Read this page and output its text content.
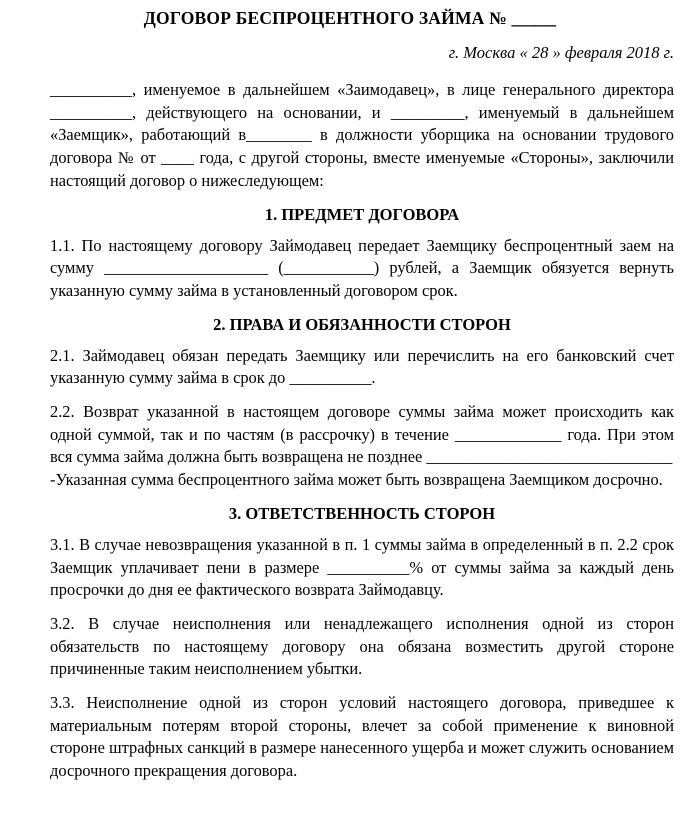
ДОГОВОР БЕСПРОЦЕНТНОГО ЗАЙМА № _____
г. Москва « 28 » февраля 2018 г.

__________, именуемое в дальнейшем «Заимодавец», в лице генерального директора __________, действующего на основании, и _________, именуемый в дальнейшем «Заемщик», работающий в________ в должности уборщика на основании трудового договора № от ____ года, с другой стороны, вместе именуемые «Стороны», заключили настоящий договор о нижеследующем:

1. ПРЕДМЕТ ДОГОВОРА

1.1. По настоящему договору Займодавец передает Заемщику беспроцентный заем на сумму ____________________ (___________) рублей, а Заемщик обязуется вернуть указанную сумму займа в установленный договором срок.

2. ПРАВА И ОБЯЗАННОСТИ СТОРОН

2.1. Займодавец обязан передать Заемщику или перечислить на его банковский счет указанную сумму займа в срок до __________.

2.2. Возврат указанной в настоящем договоре суммы займа может происходить как одной суммой, так и по частям (в рассрочку) в течение _____________ года. При этом вся сумма займа должна быть возвращена не позднее ______________________________

-Указанная сумма беспроцентного займа может быть возвращена Заемщиком досрочно.

3. ОТВЕТСТВЕННОСТЬ СТОРОН

3.1. В случае невозвращения указанной в п. 1 суммы займа в определенный в п. 2.2 срок Заемщик уплачивает пени в размере __________% от суммы займа за каждый день просрочки до дня ее фактического возврата Займодавцу.

3.2. В случае неисполнения или ненадлежащего исполнения одной из сторон обязательств по настоящему договору она обязана возместить другой стороне причиненные таким неисполнением убытки.

3.3. Неисполнение одной из сторон условий настоящего договора, приведшее к материальным потерям второй стороны, влечет за собой применение к виновной стороне штрафных санкций в размере нанесенного ущерба и может служить основанием досрочного прекращения договора.
